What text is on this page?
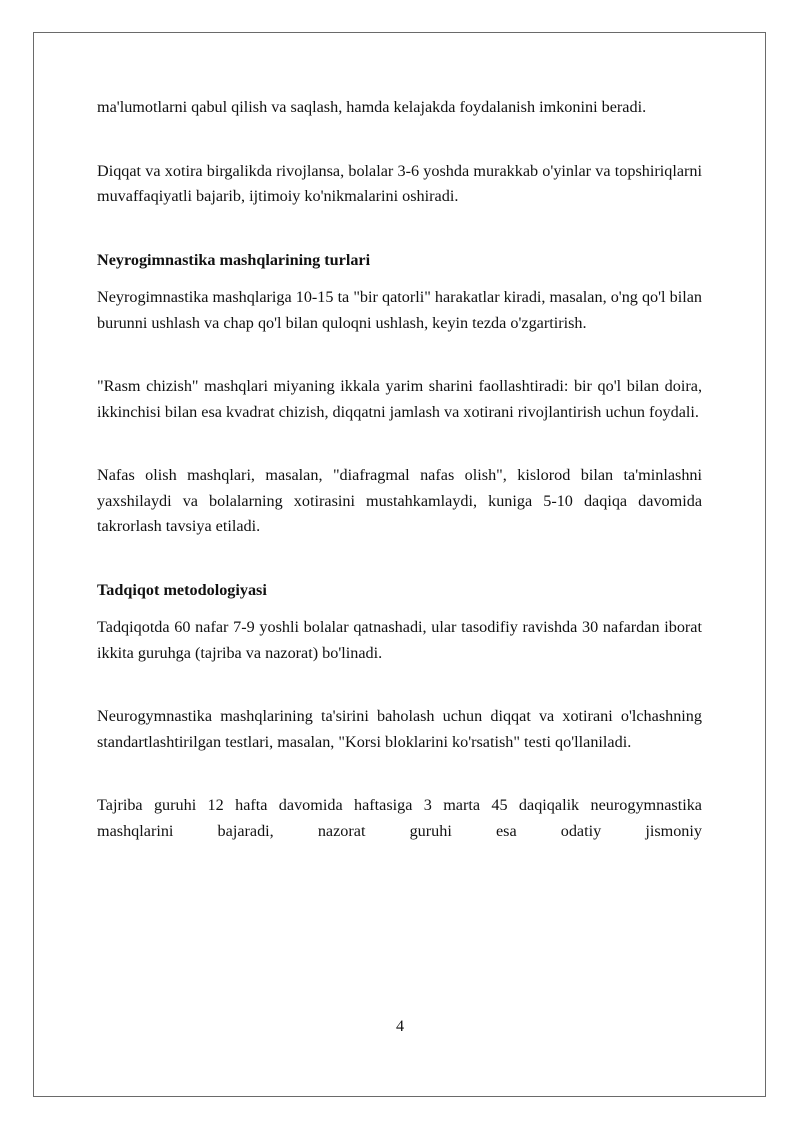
ma'lumotlarni qabul qilish va saqlash, hamda kelajakda foydalanish imkonini beradi.

Diqqat va xotira birgalikda rivojlansa, bolalar 3-6 yoshda murakkab o'yinlar va topshiriqlarni muvaffaqiyatli bajarib, ijtimoiy ko'nikmalarini oshiradi.

Neyrogimnastika mashqlarining turlari

Neyrogimnastika mashqlariga 10-15 ta "bir qatorli" harakatlar kiradi, masalan, o'ng qo'l bilan burunni ushlash va chap qo'l bilan quloqni ushlash, keyin tezda o'zgartirish.

"Rasm chizish" mashqlari miyaning ikkala yarim sharini faollashtiradi: bir qo'l bilan doira, ikkinchisi bilan esa kvadrat chizish, diqqatni jamlash va xotirani rivojlantirish uchun foydali.

Nafas olish mashqlari, masalan, "diafragmal nafas olish", kislorod bilan ta'minlashni yaxshilaydi va bolalarning xotirasini mustahkamlaydi, kuniga 5-10 daqiqa davomida takrorlash tavsiya etiladi.

Tadqiqot metodologiyasi

Tadqiqotda 60 nafar 7-9 yoshli bolalar qatnashadi, ular tasodifiy ravishda 30 nafardan iborat ikkita guruhga (tajriba va nazorat) bo'linadi.

Neurogymnastika mashqlarining ta'sirini baholash uchun diqqat va xotirani o'lchashning standartlashtirilgan testlari, masalan, "Korsi bloklarini ko'rsatish" testi qo'llaniladi.

Tajriba guruhi 12 hafta davomida haftasiga 3 marta 45 daqiqalik neurogymnastika mashqlarini bajaradi, nazorat guruhi esa odatiy jismoniy

4
